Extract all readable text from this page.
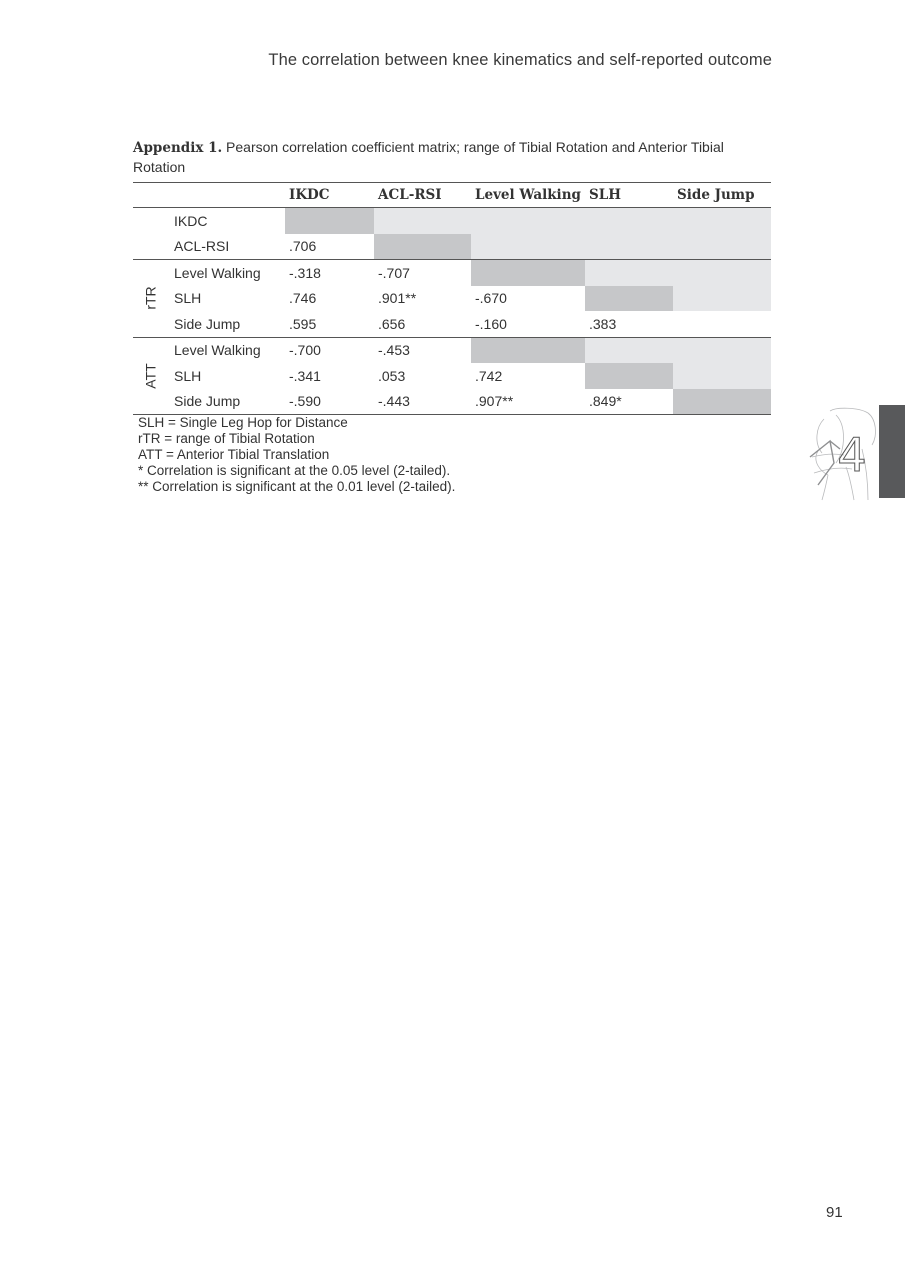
The correlation between knee kinematics and self-reported outcome
Appendix 1. Pearson correlation coefficient matrix; range of Tibial Rotation and Anterior Tibial Rotation
		IKDC	ACL-RSI	Level Walking	SLH	Side Jump
	IKDC					
	ACL-RSI	.706				
rTR	Level Walking	-.318	-.707			
	SLH	.746	.901**	-.670		
	Side Jump	.595	.656	-.160	.383	
ATT	Level Walking	-.700	-.453			
	SLH	-.341	.053	.742		
	Side Jump	-.590	-.443	.907**	.849*	
SLH = Single Leg Hop for Distance
rTR = range of Tibial Rotation
ATT = Anterior Tibial Translation
* Correlation is significant at the 0.05 level (2-tailed).
** Correlation is significant at the 0.01 level (2-tailed).
4
91
